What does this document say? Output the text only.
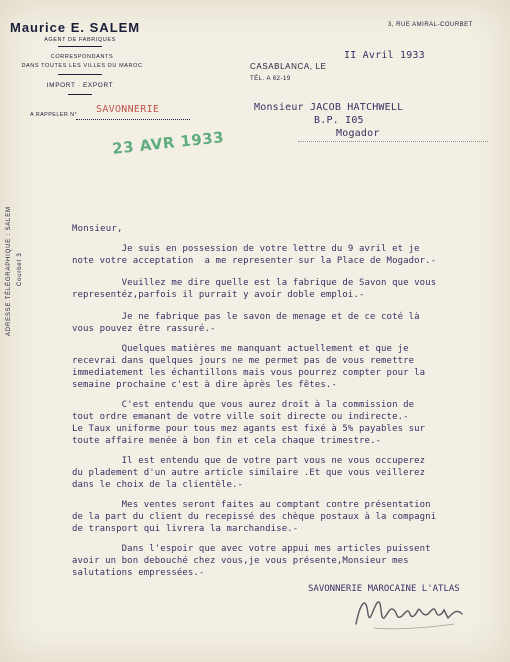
Maurice E. SALEM
AGENT DE FABRIQUES
CORRESPONDANTS
DANS TOUTES LES VILLES DU MAROC
IMPORT · EXPORT
3, RUE AMIRAL-COURBET
CASABLANCA, LE
TÉL. A 62-19
II Avril 1933
A RAPPELER N° SAVONNERIE
23 AVR 1933
Monsieur JACOB HATCHWELL
B.P. I05
Mogador
ADRESSE TÉLÉGRAPHIQUE : SALEM Courbet 3
Monsieur,
Je suis en possession de votre lettre du 9 avril et je
note votre acceptation  a me representer sur la Place de Mogador.-
Veuillez me dire quelle est la fabrique de Savon que vous
representéz,parfois il purrait y avoir doble emploi.-
Je ne fabrique pas le savon de menage et de ce coté là
vous pouvez être rassuré.-
Quelques matières me manquant actuellement et que je
recevrai dans quelques jours ne me permet pas de vous remettre
immediatement les échantillons mais vous pourrez compter pour la
semaine prochaine c'est à dire àprès les fêtes.-
C'est entendu que vous aurez droit à la commission de
tout ordre emanant de votre ville soit directe ou indirecte.-
Le Taux uniforme pour tous mez agants est fixé à 5% payables sur
toute affaire menée à bon fin et cela chaque trimestre.-
Il est entendu que de votre part vous ne vous occuperez
du pladement d'un autre article similaire .Et que vous veillerez
dans le choix de la clientèle.-
Mes ventes seront faites au comptant contre présentation
de la part du client du recepissé des chèque postaux à la compagni
de transport qui livrera la marchandise.-
Dans l'espoir que avec votre appui mes articles puissent
avoir un bon debouché chez vous,je vous présente,Monsieur mes
salutations empressées.-
SAVONNERIE MAROCAINE L'ATLAS
